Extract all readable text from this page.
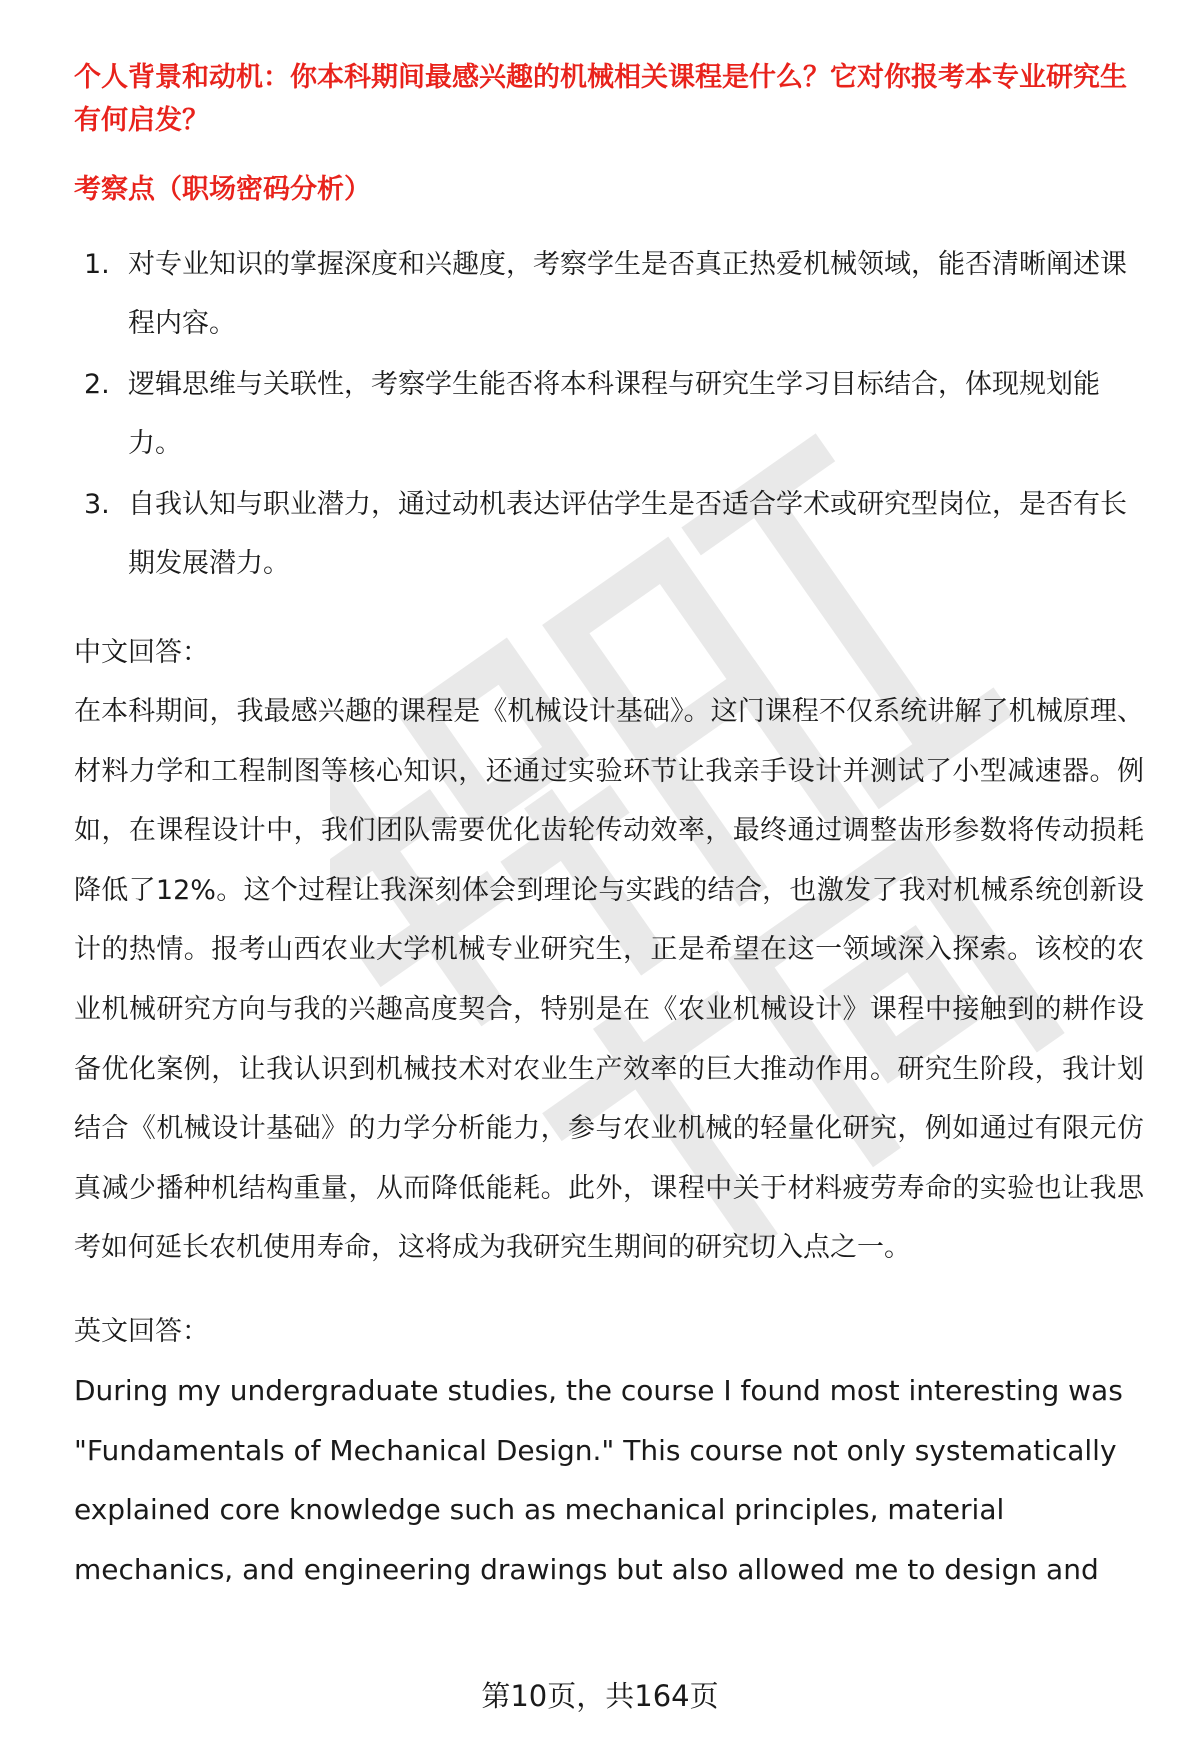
个人背景和动机：你本科期间最感兴趣的机械相关课程是什么？它对你报考本专业研究生有何启发？

考察点（职场密码分析）

1. 对专业知识的掌握深度和兴趣度，考察学生是否真正热爱机械领域，能否清晰阐述课程内容。
2. 逻辑思维与关联性，考察学生能否将本科课程与研究生学习目标结合，体现规划能力。
3. 自我认知与职业潜力，通过动机表达评估学生是否适合学术或研究型岗位，是否有长期发展潜力。

中文回答：

在本科期间，我最感兴趣的课程是《机械设计基础》。这门课程不仅系统讲解了机械原理、材料力学和工程制图等核心知识，还通过实验环节让我亲手设计并测试了小型减速器。例如，在课程设计中，我们团队需要优化齿轮传动效率，最终通过调整齿形参数将传动损耗降低了12%。这个过程让我深刻体会到理论与实践的结合，也激发了我对机械系统创新设计的热情。报考山西农业大学机械专业研究生，正是希望在这一领域深入探索。该校的农业机械研究方向与我的兴趣高度契合，特别是在《农业机械设计》课程中接触到的耕作设备优化案例，让我认识到机械技术对农业生产效率的巨大推动作用。研究生阶段，我计划结合《机械设计基础》的力学分析能力，参与农业机械的轻量化研究，例如通过有限元仿真减少播种机结构重量，从而降低能耗。此外，课程中关于材料疲劳寿命的实验也让我思考如何延长农机使用寿命，这将成为我研究生期间的研究切入点之一。

英文回答：

During my undergraduate studies, the course I found most interesting was
"Fundamentals of Mechanical Design." This course not only systematically
explained core knowledge such as mechanical principles, material
mechanics, and engineering drawings but also allowed me to design and
第10页，共164页
